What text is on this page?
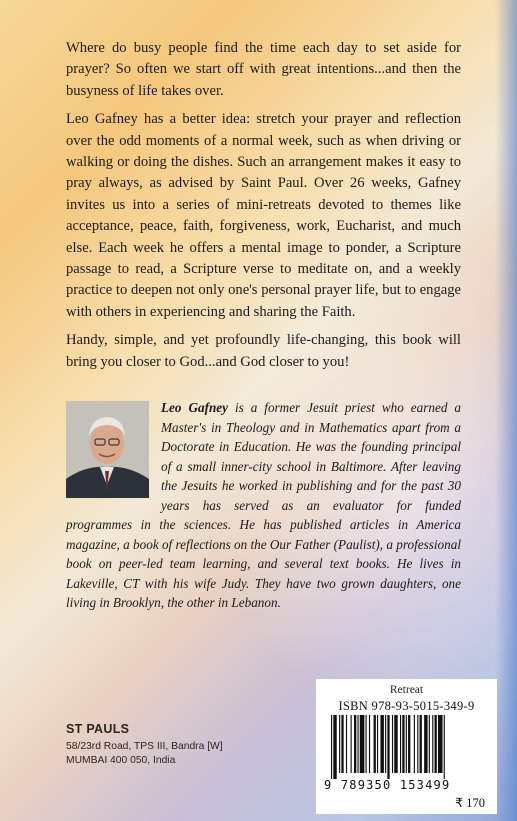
Where do busy people find the time each day to set aside for prayer? So often we start off with great intentions...and then the busyness of life takes over.

Leo Gafney has a better idea: stretch your prayer and reflection over the odd moments of a normal week, such as when driving or walking or doing the dishes. Such an arrangement makes it easy to pray always, as advised by Saint Paul. Over 26 weeks, Gafney invites us into a series of mini-retreats devoted to themes like acceptance, peace, faith, forgiveness, work, Eucharist, and much else. Each week he offers a mental image to ponder, a Scripture passage to read, a Scripture verse to meditate on, and a weekly practice to deepen not only one's personal prayer life, but to engage with others in experiencing and sharing the Faith.

Handy, simple, and yet profoundly life-changing, this book will bring you closer to God...and God closer to you!

Leo Gafney is a former Jesuit priest who earned a Master's in Theology and in Mathematics apart from a Doctorate in Education. He was the founding principal of a small inner-city school in Baltimore. After leaving the Jesuits he worked in publishing and for the past 30 years has served as an evaluator for funded programmes in the sciences. He has published articles in America magazine, a book of reflections on the Our Father (Paulist), a professional book on peer-led team learning, and several text books. He lives in Lakeville, CT with his wife Judy. They have two grown daughters, one living in Brooklyn, the other in Lebanon.

ST PAULS
58/23rd Road, TPS III, Bandra [W]
MUMBAI 400 050, India
Retreat
ISBN 978-93-5015-349-9
9 789350 153499
₹ 170
